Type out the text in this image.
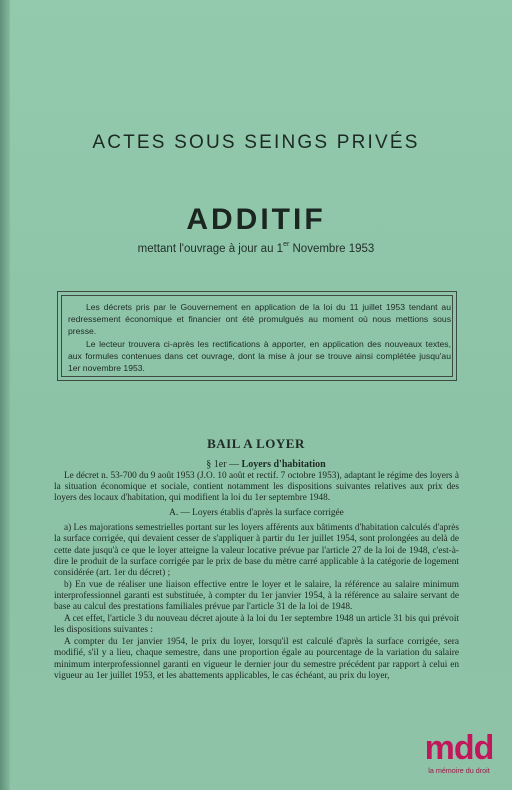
ACTES SOUS SEINGS PRIVÉS
ADDITIF
mettant l'ouvrage à jour au 1er Novembre 1953

Les décrets pris par le Gouvernement en application de la loi du 11 juillet 1953 tendant au redressement économique et financier ont été promulgués au moment où nous mettions sous presse.

Le lecteur trouvera ci-après les rectifications à apporter, en application des nouveaux textes, aux formules contenues dans cet ouvrage, dont la mise à jour se trouve ainsi complétée jusqu'au 1er novembre 1953.

BAIL A LOYER
§ 1er — Loyers d'habitation

Le décret n. 53-700 du 9 août 1953 (J.O. 10 août et rectif. 7 octobre 1953), adaptant le régime des loyers à la situation économique et sociale, contient notamment les dispositions suivantes relatives aux prix des loyers des locaux d'habitation, qui modifient la loi du 1er septembre 1948.

A. — Loyers établis d'après la surface corrigée

a) Les majorations semestrielles portant sur les loyers afférents aux bâtiments d'habitation calculés d'après la surface corrigée, qui devaient cesser de s'appliquer à partir du 1er juillet 1954, sont prolongées au delà de cette date jusqu'à ce que le loyer atteigne la valeur locative prévue par l'article 27 de la loi de 1948, c'est-à-dire le produit de la surface corrigée par le prix de base du mètre carré applicable à la catégorie de logement considérée (art. 1er du décret) ;

b) En vue de réaliser une liaison effective entre le loyer et le salaire, la référence au salaire minimum interprofessionnel garanti est substituée, à compter du 1er janvier 1954, à la référence au salaire servant de base au calcul des prestations familiales prévue par l'article 31 de la loi de 1948.

A cet effet, l'article 3 du nouveau décret ajoute à la loi du 1er septembre 1948 un article 31 bis qui prévoit les dispositions suivantes :

A compter du 1er janvier 1954, le prix du loyer, lorsqu'il est calculé d'après la surface corrigée, sera modifié, s'il y a lieu, chaque semestre, dans une proportion égale au pourcentage de la variation du salaire minimum interprofessionnel garanti en vigueur le dernier jour du semestre précédent par rapport à celui en vigueur au 1er juillet 1953, et les abattements applicables, le cas échéant, au prix du loyer,

mdd
la mémoire du droit
